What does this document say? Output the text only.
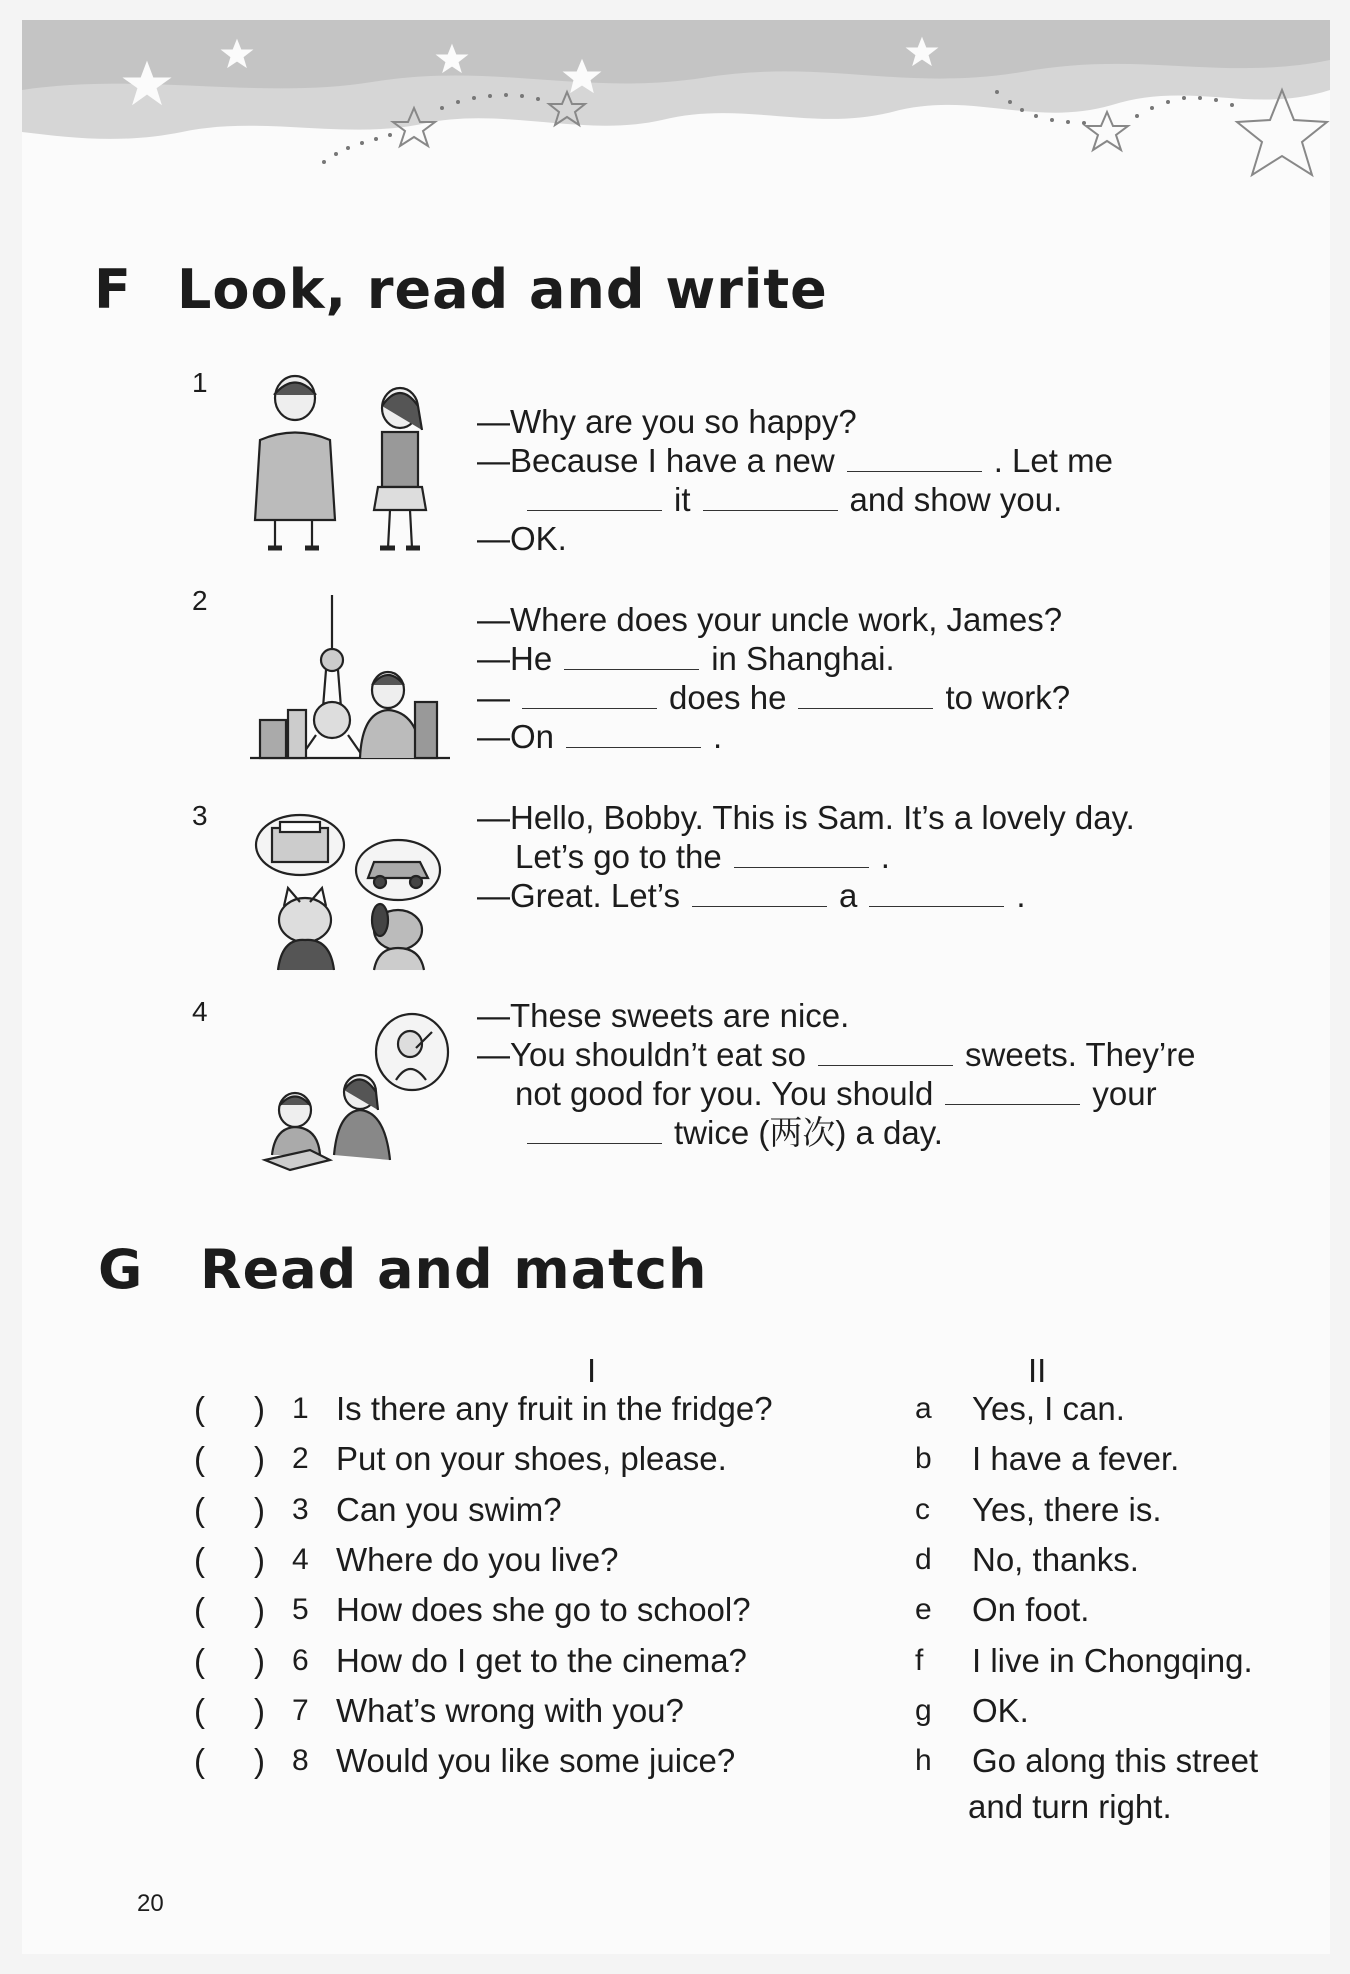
F Look, read and write
1
—Why are you so happy?
—Because I have a new	. Let me
it	and show you.
—OK.
2
—Where does your uncle work, James?
—He	in Shanghai.
—	does he	to work?
—On	.
3	—Hello, Bobby. This is Sam. It’s a lovely day.
Let’s go to the	.
—Great. Let’s	a	.
4	—These sweets are nice.
—You shouldn’t eat so	sweets. They’re
not good for you. You should	your
twice (两次) a day.
G Read and match
I	II
( ) 1 Is there any fruit in the fridge?	a Yes, I can.
( ) 2 Put on your shoes, please.	b I have a fever.
( ) 3 Can you swim?	c Yes, there is.
( ) 4 Where do you live?	d No, thanks.
( ) 5 How does she go to school?	e On foot.
( ) 6 How do I get to the cinema?	f I live in Chongqing.
( ) 7 What’s wrong with you?	g OK.
( ) 8 Would you like some juice?	h Go along this street
and turn right.
20
